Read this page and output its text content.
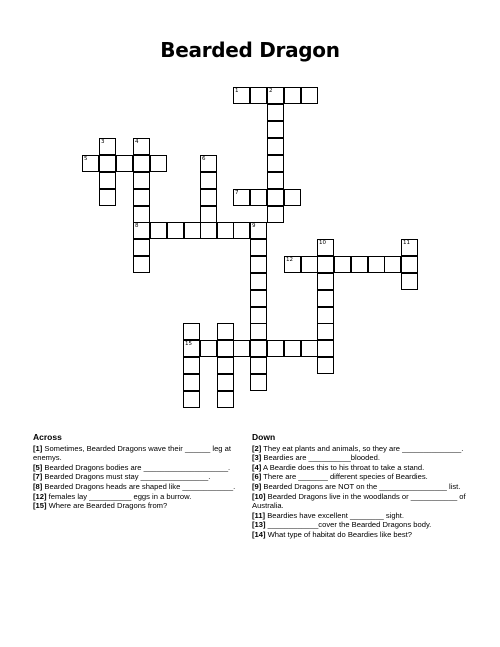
Bearded Dragon
1	2
3	4
5	6
7
8	9
10	11
12
15
Across
[1] Sometimes, Bearded Dragons wave their ______ leg at enemys.
[5] Bearded Dragons bodies are ____________________.
[7] Bearded Dragons must stay ________________.
[8] Bearded Dragons heads are shaped like ____________.
[12] females lay __________ eggs in a burrow.
[15] Where are Bearded Dragons from?
Down
[2] They eat plants and animals, so they are ______________.
[3] Beardies are __________blooded.
[4] A Beardie does this to his throat to take a stand.
[6] There are _______ different species of Beardies.
[9] Bearded Dragons are NOT on the ________________ list.
[10] Bearded Dragons live in the woodlands or ___________ of Australia.
[11] Beardies have excellent ________ sight.
[13] ____________cover the Bearded Dragons body.
[14] What type of habitat do Beardies like best?
